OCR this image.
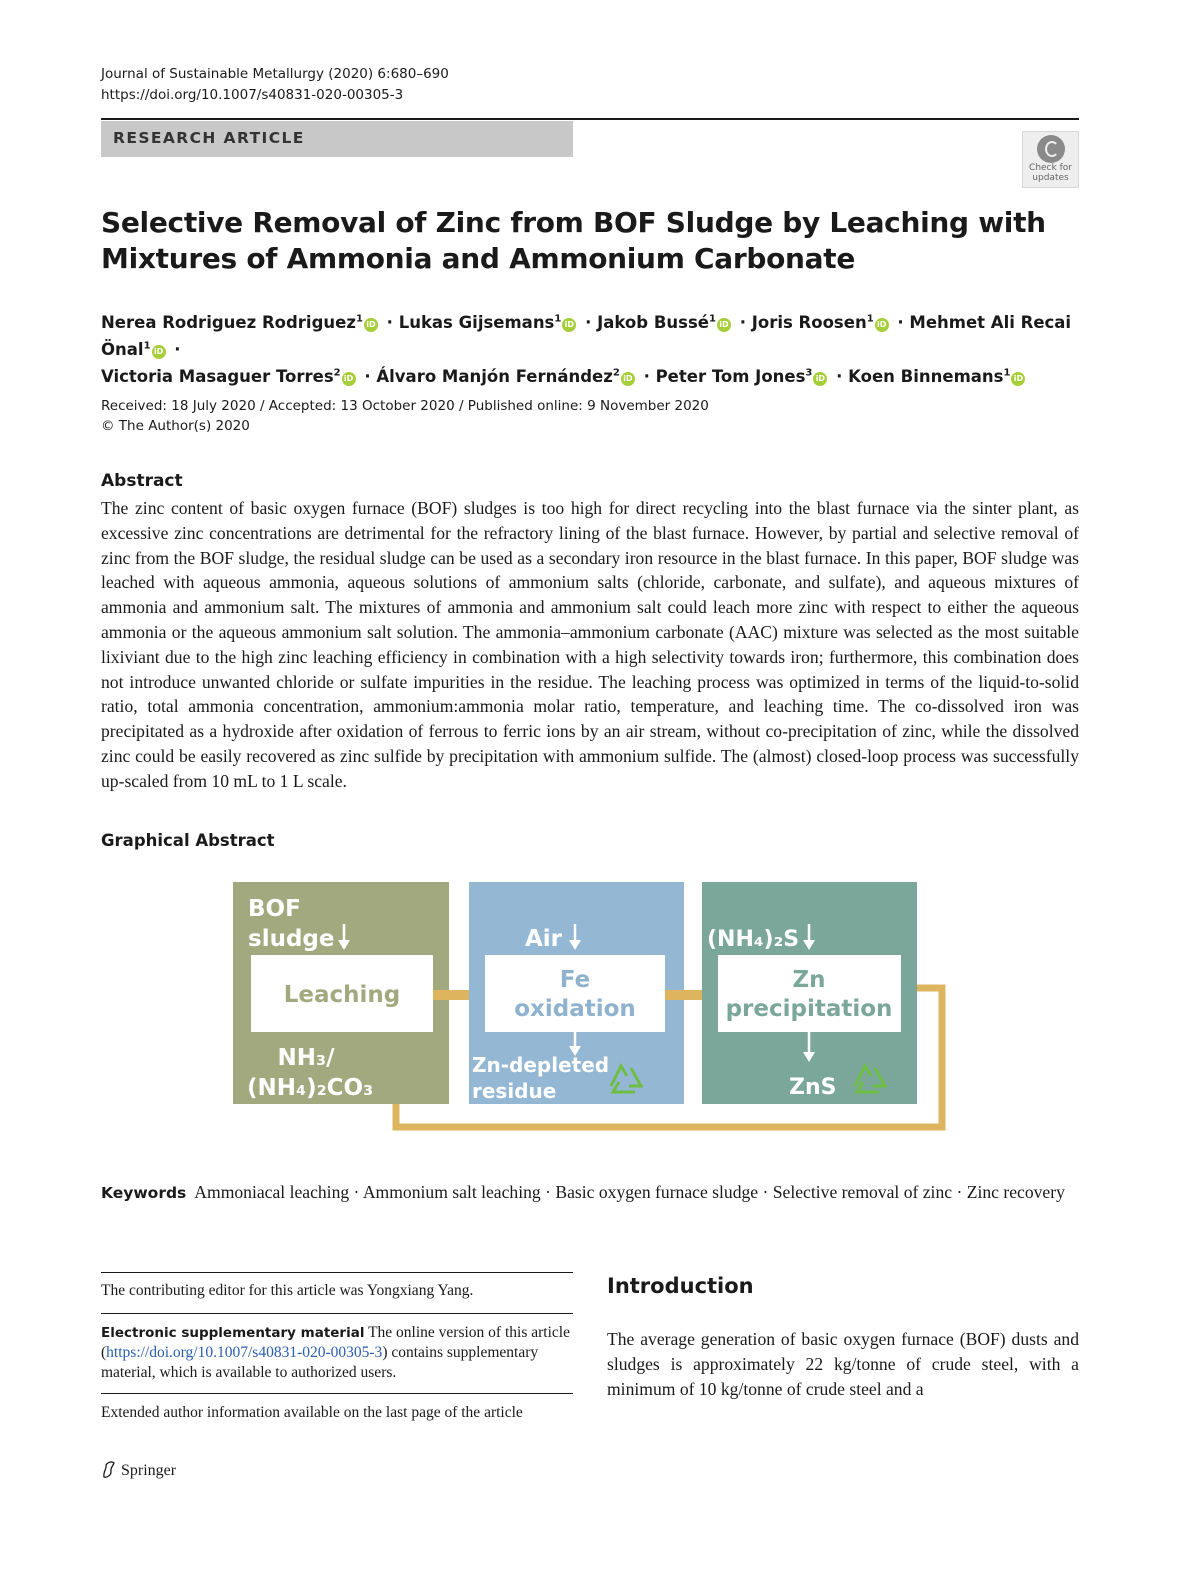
Journal of Sustainable Metallurgy (2020) 6:680–690
https://doi.org/10.1007/s40831-020-00305-3
RESEARCH ARTICLE
Check for
updates
Selective Removal of Zinc from BOF Sludge by Leaching with Mixtures of Ammonia and Ammonium Carbonate
Nerea Rodriguez Rodriguez$^1$ iD · Lukas Gijsemans$^1$ iD · Jakob Bussé$^1$ iD · Joris Roosen$^1$ iD · Mehmet Ali Recai Önal$^1$ iD ·
Victoria Masaguer Torres$^2$ iD · Álvaro Manjón Fernández$^2$ iD · Peter Tom Jones$^3$ iD · Koen Binnemans$^1$ iD
Received: 18 July 2020 / Accepted: 13 October 2020 / Published online: 9 November 2020
© The Author(s) 2020
Abstract
The zinc content of basic oxygen furnace (BOF) sludges is too high for direct recycling into the blast furnace via the sinter plant, as excessive zinc concentrations are detrimental for the refractory lining of the blast furnace. However, by partial and selective removal of zinc from the BOF sludge, the residual sludge can be used as a secondary iron resource in the blast furnace. In this paper, BOF sludge was leached with aqueous ammonia, aqueous solutions of ammonium salts (chloride, carbonate, and sulfate), and aqueous mixtures of ammonia and ammonium salt. The mixtures of ammonia and ammonium salt could leach more zinc with respect to either the aqueous ammonia or the aqueous ammonium salt solution. The ammonia–ammonium carbonate (AAC) mixture was selected as the most suitable lixiviant due to the high zinc leaching efficiency in combination with a high selectivity towards iron; furthermore, this combination does not introduce unwanted chloride or sulfate impurities in the residue. The leaching process was optimized in terms of the liquid-to-solid ratio, total ammonia concentration, ammonium:ammonia molar ratio, temperature, and leaching time. The co-dissolved iron was precipitated as a hydroxide after oxidation of ferrous to ferric ions by an air stream, without co-precipitation of zinc, while the dissolved zinc could be easily recovered as zinc sulfide by precipitation with ammonium sulfide. The (almost) closed-loop process was successfully up-scaled from 10 mL to 1 L scale.
Graphical Abstract
BOF
sludge
Leaching
NH₃/
(NH₄)₂CO₃
Air
Fe
oxidation
Zn-depleted
residue
(NH₄)₂S
Zn
precipitation
ZnS
Keywords Ammoniacal leaching · Ammonium salt leaching · Basic oxygen furnace sludge · Selective removal of zinc · Zinc recovery
The contributing editor for this article was Yongxiang Yang.
Electronic supplementary material The online version of this article (https://doi.org/10.1007/s40831-020-00305-3) contains supplementary material, which is available to authorized users.
Extended author information available on the last page of the article
Introduction
The average generation of basic oxygen furnace (BOF) dusts and sludges is approximately 22 kg/tonne of crude steel, with a minimum of 10 kg/tonne of crude steel and a
Springer
